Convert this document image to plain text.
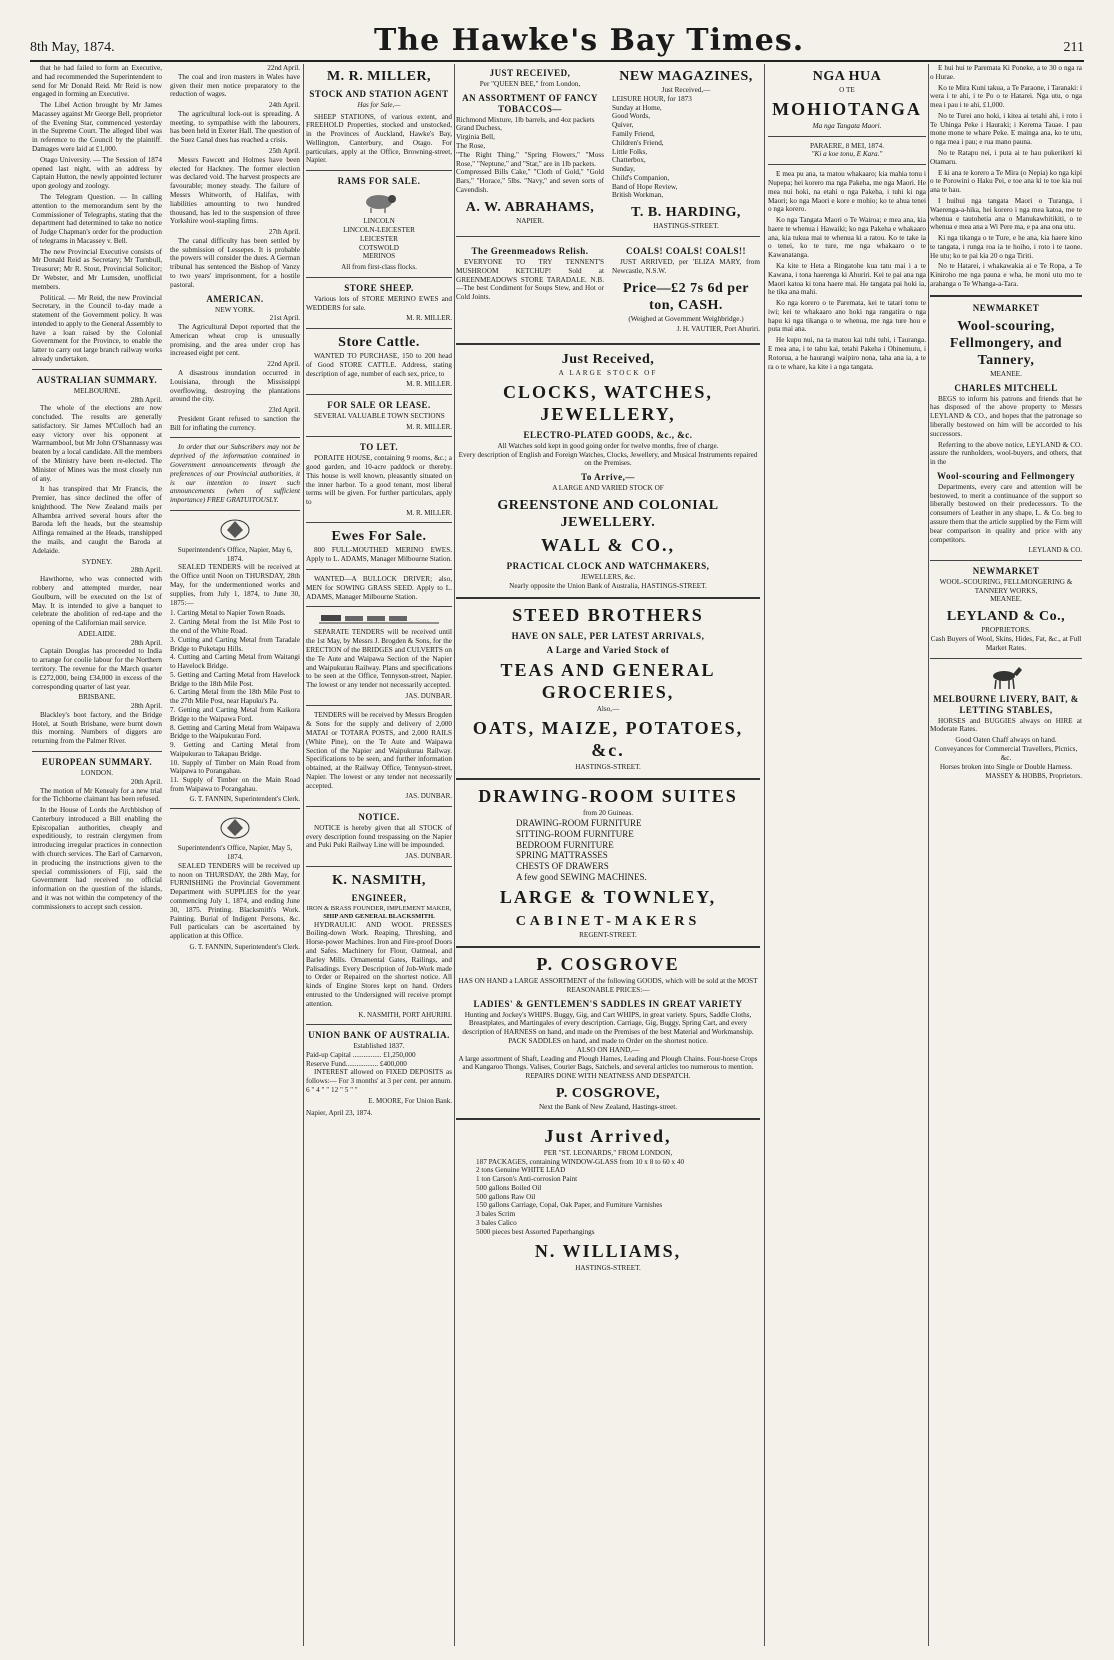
8th May, 1874.	The Hawke's Bay Times.	211

that he had failed to form an Executive, and had recommended the Superintendent to send for Mr Donald Reid. Mr Reid is now engaged in forming an Executive.

The Libel Action brought by Mr James Macassey against Mr George Bell, proprietor of the Evening Star, commenced yesterday in the Supreme Court. The alleged libel was in reference to the Council by the plaintiff. Damages were laid at £1,000.

Otago University. — The Session of 1874 opened last night, with an address by Captain Hutton, the newly appointed lecturer upon geology and zoology.

The Telegram Question. — In calling attention to the memorandum sent by the Commissioner of Telegraphs, stating that the department had determined to take no notice of Judge Chapman's order for the production of telegrams in Macassey v. Bell.

The new Provincial Executive consists of Mr Donald Reid as Secretary; Mr Turnbull, Treasurer; Mr R. Stout, Provincial Solicitor; Dr Webster, and Mr Lumsden, unofficial members.

Political. — Mr Reid, the new Provincial Secretary, in the Council to-day made a statement of the Government policy. It was intended to apply to the General Assembly to have a loan raised by the Colonial Government for the Province, to enable the latter to carry out large branch railway works already undertaken.

AUSTRALIAN SUMMARY.
MELBOURNE.
28th April.

The whole of the elections are now concluded. The results are generally satisfactory. Sir James M'Culloch had an easy victory over his opponent at Warrnambool, but Mr John O'Shannassy was beaten by a local candidate. All the members of the Ministry have been re-elected. The Minister of Mines was the most closely run of any.

It has transpired that Mr Francis, the Premier, has since declined the offer of knighthood. The New Zealand mails per Alhambra arrived several hours after the Baroda left the heads, but the steamship Alfinga remained at the Heads, transhipped the mails, and caught the Baroda at Adelaide.

SYDNEY.
28th April.

Hawthorne, who was connected with robbery and attempted murder, near Goulburn, will be executed on the 1st of May. It is intended to give a banquet to celebrate the abolition of red-tape and the opening of the Californian mail service.

ADELAIDE.
28th April.

Captain Douglas has proceeded to India to arrange for coolie labour for the Northern territory. The revenue for the March quarter is £272,000, being £34,000 in excess of the corresponding quarter of last year.

BRISBANE.
28th April.

Blackley's boot factory, and the Bridge Hotel, at South Brisbane, were burnt down this morning. Numbers of diggers are returning from the Palmer River.

EUROPEAN SUMMARY.
LONDON.
20th April.

The motion of Mr Kenealy for a new trial for the Tichborne claimant has been refused.

In the House of Lords the Archbishop of Canterbury introduced a Bill enabling the Episcopalian authorities, cheaply and expeditiously, to restrain clergymen from introducing irregular practices in connection with church services. The Earl of Carnarvon, in producing the instructions given to the special commissioners of Fiji, said the Government had received no official information on the question of the islands, and it was not within the competency of the commissioners to accept such cession.

22nd April.

The coal and iron masters in Wales have given their men notice preparatory to the reduction of wages.

24th April.

The agricultural lock-out is spreading. A meeting, to sympathise with the labourers, has been held in Exeter Hall. The question of the Suez Canal dues has reached a crisis.

25th April.

Messrs Fawcett and Holmes have been elected for Hackney. The former election was declared void. The harvest prospects are favourable; money steady. The failure of Messrs Whitworth, of Halifax, with liabilities amounting to two hundred thousand, has led to the suspension of three Yorkshire wool-stapling firms.

27th April.

The canal difficulty has been settled by the submission of Lessepes. It is probable the powers will consider the dues. A German tribunal has sentenced the Bishop of Vanzy to two years' imprisonment, for a hostile pastoral.

AMERICAN.
NEW YORK.
21st April.

The Agricultural Depot reported that the American wheat crop is unusually promising, and the area under crop has increased eight per cent.

22nd April.

A disastrous inundation occurred in Louisiana, through the Mississippi overflowing, destroying the plantations around the city.

23rd April.

President Grant refused to sanction the Bill for inflating the currency.

In order that our Subscribers may not be deprived of the information contained in Government announcements through the preferences of our Provincial authorities, it is our intention to insert such announcements (when of sufficient importance) FREE GRATUITOUSLY.

Superintendent's Office, Napier, May 6, 1874.

SEALED TENDERS will be received at the Office until Noon on THURSDAY, 28th May, for the undermentioned works and supplies, from July 1, 1874, to June 30, 1875:—

1. Carting Metal to Napier Town Roads.
2. Carting Metal from the 1st Mile Post to the end of the White Road.
3. Cutting and Carting Metal from Taradale Bridge to Puketapu Hills.
4. Cutting and Carting Metal from Waitangi to Havelock Bridge.
5. Getting and Carting Metal from Havelock Bridge to the 18th Mile Post.
6. Carting Metal from the 18th Mile Post to the 27th Mile Post, near Hapuku's Pa.
7. Getting and Carting Metal from Kaikora Bridge to the Waipawa Ford.
8. Getting and Carting Metal from Waipawa Bridge to the Waipukurau Ford.
9. Getting and Carting Metal from Waipukurau to Takapau Bridge.
10. Supply of Timber on Main Road from Waipawa to Porangahau.
11. Supply of Timber on the Main Road from Waipawa to Porangahau.
G. T. FANNIN, Superintendent's Clerk.
Superintendent's Office, Napier, May 5, 1874.

SEALED TENDERS will be received up to noon on THURSDAY, the 28th May, for FURNISHING the Provincial Government Department with SUPPLIES for the year commencing July 1, 1874, and ending June 30, 1875. Printing. Blacksmith's Work. Painting. Burial of Indigent Persons, &c. Full particulars can be ascertained by application at this Office.

G. T. FANNIN, Superintendent's Clerk.
M. R. MILLER,
STOCK AND STATION AGENT
Has for Sale,—

SHEEP STATIONS, of various extent, and FREEHOLD Properties, stocked and unstocked, in the Provinces of Auckland, Hawke's Bay, Wellington, Canterbury, and Otago. For particulars, apply at the Office, Browning-street, Napier.

RAMS FOR SALE.
LINCOLN
LINCOLN-LEICESTER
LEICESTER
COTSWOLD
MERINOS
All from first-class flocks.
STORE SHEEP.

Various lots of STORE MERINO EWES and WEDDERS for sale.

M. R. MILLER.
Store Cattle.

WANTED TO PURCHASE, 150 to 200 head of Good STORE CATTLE. Address, stating description of age, number of each sex, price, to

M. R. MILLER.
FOR SALE OR LEASE.

SEVERAL VALUABLE TOWN SECTIONS

M. R. MILLER.
TO LET.

PORAITE HOUSE, containing 9 rooms, &c.; a good garden, and 10-acre paddock or thereby. This house is well known, pleasantly situated on the inner harbor. To a good tenant, most liberal terms will be given. For further particulars, apply to

M. R. MILLER.
Ewes For Sale.

800 FULL-MOUTHED MERINO EWES. Apply to L. ADAMS, Manager Milbourne Station.

WANTED—A BULLOCK DRIVER; also, MEN for SOWING GRASS SEED. Apply to L. ADAMS, Manager Milbourne Station.

SEPARATE TENDERS will be received until the 1st May, by Messrs J. Brogden & Sons, for the ERECTION of the BRIDGES and CULVERTS on the Te Aute and Waipawa Section of the Napier and Waipukurau Railway. Plans and specifications to be seen at the Office, Tennyson-street, Napier. The lowest or any tender not necessarily accepted.

JAS. DUNBAR.

TENDERS will be received by Messrs Brogden & Sons for the supply and delivery of 2,000 MATAI or TOTARA POSTS, and 2,000 RAILS (White Pine), on the Te Aute and Waipawa Section of the Napier and Waipukurau Railway. Specifications to be seen, and further information obtained, at the Railway Office, Tennyson-street, Napier. The lowest or any tender not necessarily accepted.

JAS. DUNBAR.
NOTICE.

NOTICE is hereby given that all STOCK of every description found trespassing on the Napier and Puki Puki Railway Line will be impounded.

JAS. DUNBAR.
K. NASMITH,
ENGINEER,
IRON & BRASS FOUNDER, IMPLEMENT MAKER,
SHIP AND GENERAL BLACKSMITH.

HYDRAULIC AND WOOL PRESSES Boiling-down Work. Reaping, Threshing, and Horse-power Machines. Iron and Fire-proof Doors and Safes. Machinery for Flour, Oatmeal, and Barley Mills. Ornamental Gates, Railings, and Palisadings. Every Description of Job-Work made to Order or Repaired on the shortest notice. All kinds of Engine Stores kept on hand. Orders entrusted to the Undersigned will receive prompt attention.

K. NASMITH, PORT AHURIRI.
UNION BANK OF AUSTRALIA.
Established 1837.
Paid-up Capital ................ £1,250,000
Reserve Fund.................. £400,000

INTEREST allowed on FIXED DEPOSITS as follows:— For 3 months' at 3 per cent. per annum. 6 " 4 " " 12 " 5 " "

E. MOORE, For Union Bank.
Napier, April 23, 1874.
JUST RECEIVED,
Per "QUEEN BEE," from London,
AN ASSORTMENT OF FANCY TOBACCOS—
Richmond Mixture, 1lb barrels, and 4oz packets
Grand Duchess,
Virginia Bell,
The Rose,
"The Right Thing," "Spring Flowers," "Moss Rose," "Neptune," and "Star," are in 1lb packets.
Compressed Bills Cake," "Cloth of Gold," "Gold Bars," "Horace," 5lbs. "Navy," and seven sorts of Cavendish.
A. W. ABRAHAMS,
NAPIER.
NEW MAGAZINES,
Just Received,—
LEISURE HOUR, for 1873
Sunday at Home,
Good Words,
Quiver,
Family Friend,
Children's Friend,
Little Folks,
Chatterbox,
Sunday,
Child's Companion,
Band of Hope Review,
British Workman,
T. B. HARDING,
HASTINGS-STREET.
The Greenmeadows Relish.

EVERYONE TO TRY TENNENT'S MUSHROOM KETCHUP! Sold at GREENMEADOWS STORE TARADALE. N.B.—The best Condiment for Soups Stew, and Hot or Cold Joints.

COALS! COALS! COALS!!

JUST ARRIVED, per 'ELIZA MARY, from Newcastle, N.S.W.

Price—£2 7s 6d per ton, CASH.
(Weighed at Government Weighbridge.)
J. H. VAUTIER, Port Ahuriri.
Just Received,
A LARGE STOCK OF
CLOCKS, WATCHES, JEWELLERY,
ELECTRO-PLATED GOODS, &c., &c.
All Watches sold kept in good going order for twelve months, free of charge.
Every description of English and Foreign Watches, Clocks, Jewellery, and Musical Instruments repaired on the Premises.
To Arrive,—
A LARGE AND VARIED STOCK OF
GREENSTONE AND COLONIAL JEWELLERY.
WALL & CO.,
PRACTICAL CLOCK AND WATCHMAKERS,
JEWELLERS, &c.
Nearly opposite the Union Bank of Australia, HASTINGS-STREET.
STEED BROTHERS
HAVE ON SALE, PER LATEST ARRIVALS,
A Large and Varied Stock of
TEAS AND GENERAL GROCERIES,
Also,—
OATS, MAIZE, POTATOES, &c.
HASTINGS-STREET.
DRAWING-ROOM SUITES
from 20 Guineas.
DRAWING-ROOM FURNITURE
SITTING-ROOM FURNITURE
BEDROOM FURNITURE
SPRING MATTRASSES
CHESTS OF DRAWERS
A few good SEWING MACHINES.
LARGE & TOWNLEY,
CABINET-MAKERS
REGENT-STREET.
P. COSGROVE
HAS ON HAND a LARGE ASSORTMENT of the following GOODS, which will be sold at the MOST REASONABLE PRICES:—
LADIES' & GENTLEMEN'S SADDLES IN GREAT VARIETY
Hunting and Jockey's WHIPS. Buggy, Gig, and Cart WHIPS, in great variety. Spurs, Saddle Cloths, Breastplates, and Martingales of every description. Carriage, Gig, Buggy, Spring Cart, and every description of HARNESS on hand, and made on the Premises of the best Material and Workmanship.
PACK SADDLES on hand, and made to Order on the shortest notice.
ALSO ON HAND,—
A large assortment of Shaft, Leading and Plough Hames, Leading and Plough Chains. Four-horse Crops and Kangaroo Thongs. Valises, Courier Bags, Satchels, and several articles too numerous to mention.
REPAIRS DONE WITH NEATNESS AND DESPATCH.
P. COSGROVE,
Next the Bank of New Zealand, Hastings-street.
Just Arrived,
PER "ST. LEONARDS," FROM LONDON,
187 PACKAGES, containing WINDOW-GLASS from 10 x 8 to 60 x 40
2 tons Genuine WHITE LEAD
1 ton Carson's Anti-corrosion Paint
500 gallons Boiled Oil
500 gallons Raw Oil
150 gallons Carriage, Copal, Oak Paper, and Furniture Varnishes
3 bales Scrim
3 bales Calico
5000 pieces best Assorted Paperhangings
N. WILLIAMS,
HASTINGS-STREET.
NGA HUA
O TE
MOHIOTANGA
Ma nga Tangata Maori.
PARAERE, 8 MEI, 1874.
"Ki a koe tonu, E Kara."

E mea pu ana, ta matou whakaaro; kia mahia tonu i Nupepa; hei korero ma nga Pakeha, me nga Maori. He mea nui hoki, na etahi o nga Pakeha, i tuhi ki nga Maori; ko nga Maori e kore e mohio; ko te ahua tenei o nga korero.

Ko nga Tangata Maori o Te Wairoa; e mea ana, kia haere te whenua i Hawaiki; ko nga Pakeha e whakaaro ana, kia tukua mai te whenua ki a ratou. Ko te take ia o tenei, ko te ture, me nga whakaaro o te Kawanatanga.

Ka kite te Heta a Ringatohe kua tatu mai i a te Kawana, i tona haerenga ki Ahuriri. Kei te pai ana nga Maori katoa ki tona haere mai. He tangata pai hoki ia, he tika ana mahi.

Ko nga korero o te Paremata, kei te tatari tonu te iwi; kei te whakaaro ano hoki nga rangatira o nga hapu ki nga tikanga o te whenua, me nga ture hou e puta mai ana.

He kupu nui, na ta matou kai tuhi tuhi, i Tauranga. E mea ana, i te tahu kai, tetahi Pakeha i Ohinemutu, i Rotorua, a he haurangi waipiro nona, taha ana ia, a te ra o te whare, ka kite i a nga tangata.

E hui hui te Paremata Ki Poneke, a te 30 o nga ra o Hurae.

Ko te Mira Kuni takua, a Te Paraone, i Taranaki: i wera i te ahi, i te Po o te Hatarei. Nga utu, o nga mea i pau i te ahi, £1,000.

No te Turei ano hoki, i kitea ai tetahi ahi, i roto i Te Uhinga Peke i Hauraki; i Kerema Tauae. I pau mone mone te whare Peke. E mainga ana, ko te utu, o nga mea i pau; e rua mano pauna.

No te Ratapu nei, i puta ai te hau pukerikeri ki Otamaru.

E ki ana te korero a Te Mira (o Nepia) ko nga kipi o te Porowini o Haku Pei, e toe ana ki te toe kia nui ana te hau.

I huihui nga tangata Maori o Turanga, i Waerenga-a-hika, hei korero i nga mea katoa, me te whenua e tautohetia ana o Manukawhitikiti, o te whenua e mea ana a Wi Pere ma, e pa ana ona utu.

Ki nga tikanga o te Ture, e he ana, kia haere kino te tangata, i runga roa ia te hoiho, i roto i te taone. He utu; ko te pai kia 20 o nga Tiriti.

No te Hatarei, i whakawakia ai e Te Ropa, a Te Kiniroho me nga pauna e wha, he moni utu mo te arahanga o Te Whanga-a-Tara.

NEWMARKET
Wool-scouring, Fellmongery, and Tannery,
MEANEE.
CHARLES MITCHELL

BEGS to inform his patrons and friends that he has disposed of the above property to Messrs LEYLAND & CO., and hopes that the patronage so liberally bestowed on him will be accorded to his successors.

Referring to the above notice, LEYLAND & CO. assure the runholders, wool-buyers, and others, that in the

Wool-scouring and Fellmongery

Departments, every care and attention will be bestowed, to merit a continuance of the support so liberally bestowed on their predecessors. To the consumers of Leather in any shape, L. & Co. beg to assure them that the article supplied by the Firm will bear comparison in quality and price with any competitors.

LEYLAND & CO.
NEWMARKET
WOOL-SCOURING, FELLMONGERING & TANNERY WORKS,
MEANEE.
LEYLAND & Co.,
PROPRIETORS.
Cash Buyers of Wool, Skins, Hides, Fat, &c., at Full Market Rates.
MELBOURNE LIVERY, BAIT, & LETTING STABLES,

HORSES and BUGGIES always on HIRE at Moderate Rates.

Good Oaten Chaff always on hand.
Conveyances for Commercial Travellers, Picnics, &c.
Horses broken into Single or Double Harness.
MASSEY & HOBBS, Proprietors.
